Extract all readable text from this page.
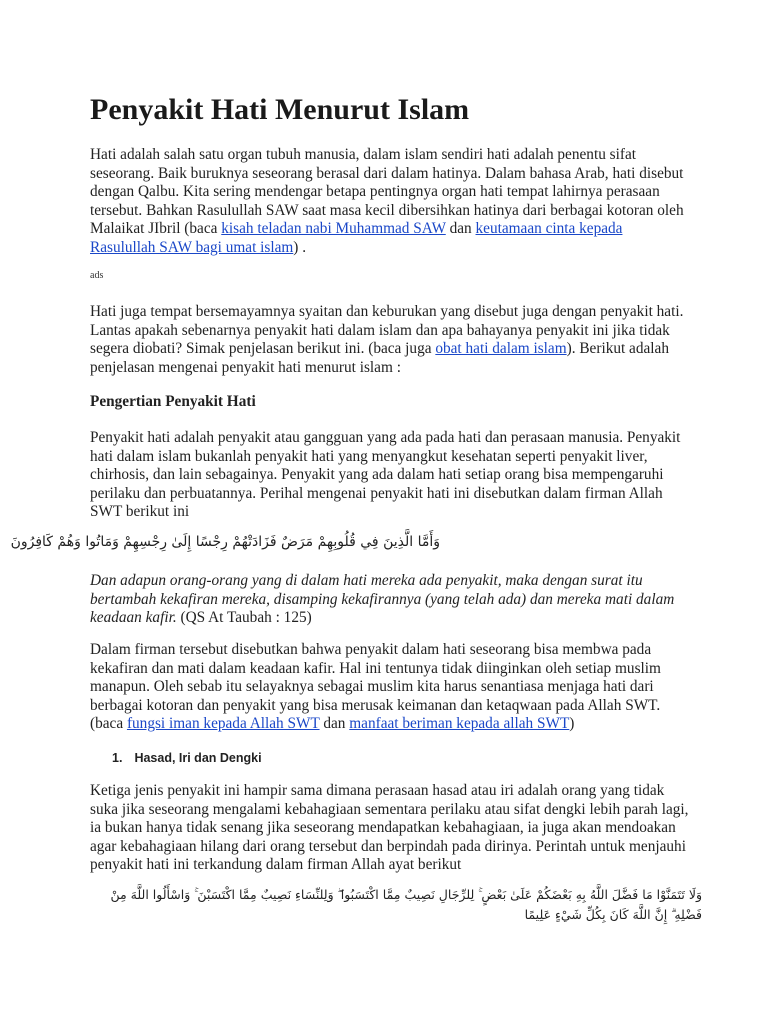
Penyakit Hati Menurut Islam

Hati adalah salah satu organ tubuh manusia, dalam islam sendiri hati adalah penentu sifat seseorang. Baik buruknya seseorang berasal dari dalam hatinya. Dalam bahasa Arab, hati disebut dengan Qalbu. Kita sering mendengar betapa pentingnya organ hati tempat lahirnya perasaan tersebut. Bahkan Rasulullah SAW saat masa kecil dibersihkan hatinya dari berbagai kotoran oleh Malaikat JIbril (baca kisah teladan nabi Muhammad SAW dan keutamaan cinta kepada Rasulullah SAW bagi umat islam) .

ads

Hati juga tempat bersemayamnya syaitan dan keburukan yang disebut juga dengan penyakit hati. Lantas apakah sebenarnya penyakit hati dalam islam dan apa bahayanya penyakit ini jika tidak segera diobati? Simak penjelasan berikut ini. (baca juga obat hati dalam islam). Berikut adalah penjelasan mengenai penyakit hati menurut islam :

Pengertian Penyakit Hati

Penyakit hati adalah penyakit atau gangguan yang ada pada hati dan perasaan manusia. Penyakit hati dalam islam bukanlah penyakit hati yang menyangkut kesehatan seperti penyakit liver, chirhosis, dan lain sebagainya. Penyakit yang ada dalam hati setiap orang bisa mempengaruhi perilaku dan perbuatannya. Perihal mengenai penyakit hati ini disebutkan dalam firman Allah SWT berikut ini

وَأَمَّا الَّذِينَ فِي قُلُوبِهِمْ مَرَضٌ فَزَادَتْهُمْ رِجْسًا إِلَىٰ رِجْسِهِمْ وَمَاتُوا وَهُمْ كَافِرُونَ

Dan adapun orang-orang yang di dalam hati mereka ada penyakit, maka dengan surat itu bertambah kekafiran mereka, disamping kekafirannya (yang telah ada) dan mereka mati dalam keadaan kafir. (QS At Taubah : 125)

Dalam firman tersebut disebutkan bahwa penyakit dalam hati seseorang bisa membwa pada kekafiran dan mati dalam keadaan kafir. Hal ini tentunya tidak diinginkan oleh setiap muslim manapun. Oleh sebab itu selayaknya sebagai muslim kita harus senantiasa menjaga hati dari berbagai kotoran dan penyakit yang bisa merusak keimanan dan ketaqwaan pada Allah SWT. (baca fungsi iman kepada Allah SWT dan manfaat beriman kepada allah SWT)

1. Hasad, Iri dan Dengki

Ketiga jenis penyakit ini hampir sama dimana perasaan hasad atau iri adalah orang yang tidak suka jika seseorang mengalami kebahagiaan sementara perilaku atau sifat dengki lebih parah lagi, ia bukan hanya tidak senang jika seseorang mendapatkan kebahagiaan, ia juga akan mendoakan agar kebahagiaan hilang dari orang tersebut dan berpindah pada dirinya. Perintah untuk menjauhi penyakit hati ini terkandung dalam firman Allah ayat berikut

وَلَا تَتَمَنَّوْا مَا فَضَّلَ اللَّهُ بِهِ بَعْضَكُمْ عَلَىٰ بَعْضٍ ۚ لِلرِّجَالِ نَصِيبٌ مِمَّا اكْتَسَبُوا ۖ وَلِلنِّسَاءِ نَصِيبٌ مِمَّا اكْتَسَبْنَ ۚ وَاسْأَلُوا اللَّهَ مِنْ
فَضْلِهِ ۗ إِنَّ اللَّهَ كَانَ بِكُلِّ شَيْءٍ عَلِيمًا
